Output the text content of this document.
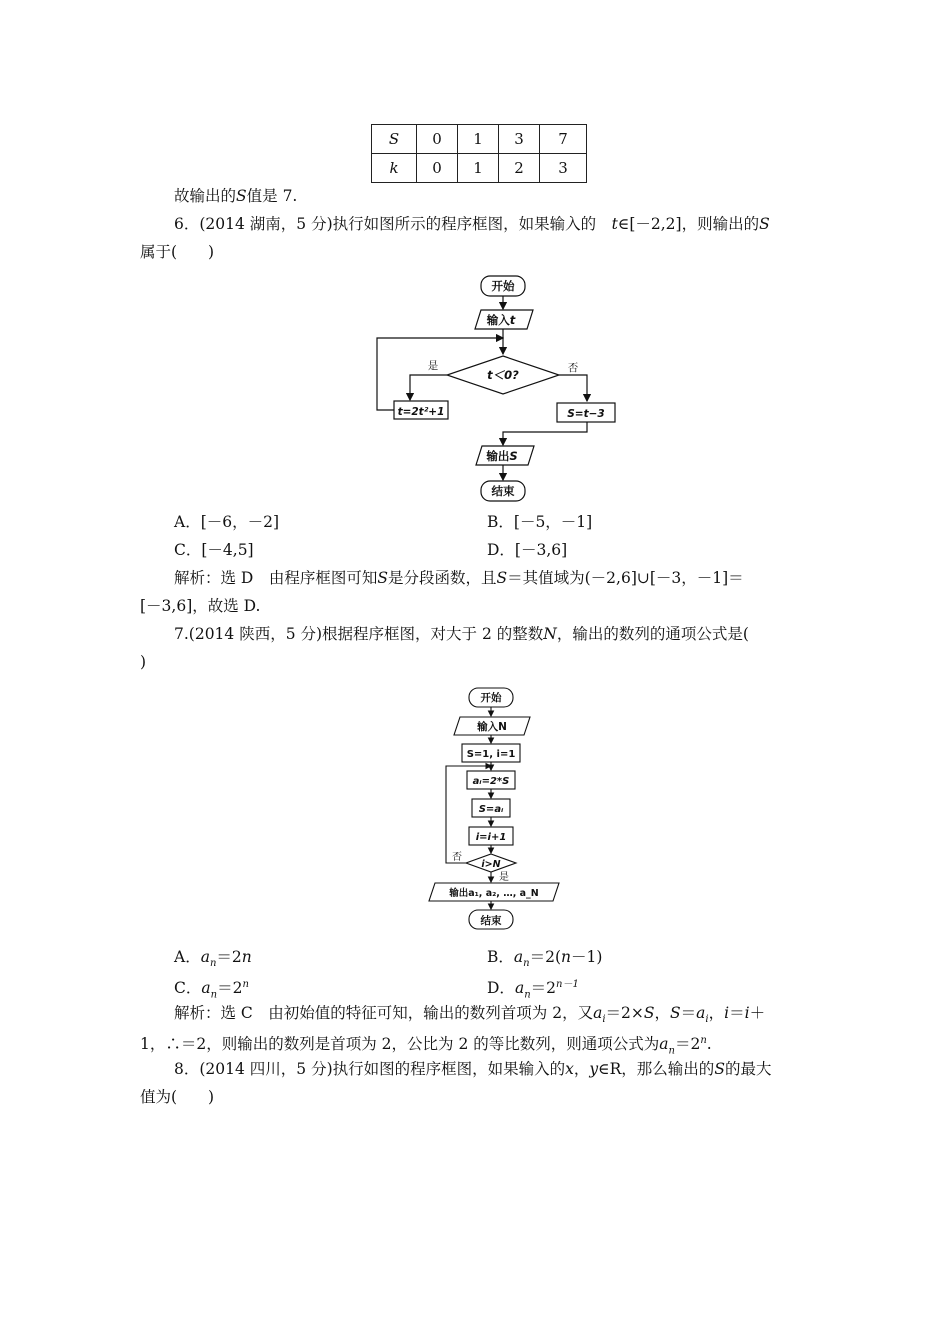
S	0	1	3	7
k	0	1	2	3
故输出的S值是 7.
6．(2014 湖南，5 分)执行如图所示的程序框图，如果输入的　t∈[－2,2]，则输出的S
属于(　　)
开始
输入t
t＜0?
t=2t²+1	S=t−3
输出S
结束
是	否
A．[－6，－2]	B．[－5，－1]
C．[－4,5]	D．[－3,6]
解析：选 D　由程序框图可知S是分段函数，且S＝其值域为(－2,6]∪[－3，－1]＝
[－3,6]，故选 D.
7.(2014 陕西，5 分)根据程序框图，对大于 2 的整数N，输出的数列的通项公式是(
)
开始
输入N
S=1, i=1
aᵢ=2*S
S=aᵢ
i=i+1
i>N
输出a₁, a₂, …, a_N
结束
否
是
A．$a_n=2n$	B．$a_n=2(n-1)$
C．$a_n=2^n$	D．$a_n=2^{n-1}$
解析：选 C　由初始值的特征可知，输出的数列首项为 2，又$a_i=2\times S$，$S=a_i$，i＝i＋
1，∴＝2，则输出的数列是首项为 2，公比为 2 的等比数列，则通项公式为$a_n=2^n$.
8．(2014 四川，5 分)执行如图的程序框图，如果输入的x，y∈R，那么输出的S的最大
值为(　　)
